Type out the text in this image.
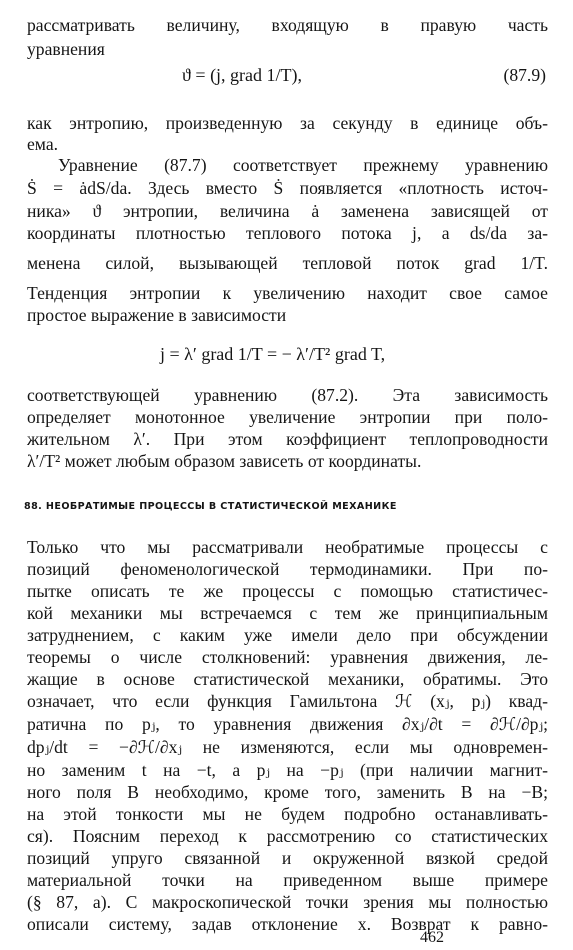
рассматривать величину, входящую в правую часть
уравнения
ϑ = (j, grad 1/T),	(87.9)
как энтропию, произведенную за секунду в единице объ-
ема.
Уравнение (87.7) соответствует прежнему уравнению
Ṡ = ȧdS/da. Здесь вместо Ṡ появляется «плотность источ-
ника» ϑ энтропии, величина ȧ заменена зависящей от
координаты плотностью теплового потока j, а ds/da за-
менена силой, вызывающей тепловой поток grad 1/T.
Тенденция энтропии к увеличению находит свое самое
простое выражение в зависимости
j = λ′ grad 1/T = − λ′/T² grad T,
соответствующей уравнению (87.2). Эта зависимость
определяет монотонное увеличение энтропии при поло-
жительном λ′. При этом коэффициент теплопроводности
λ′/T² может любым образом зависеть от координаты.
88. НЕОБРАТИМЫЕ ПРОЦЕССЫ В СТАТИСТИЧЕСКОЙ МЕХАНИКЕ
Только что мы рассматривали необратимые процессы с
позиций феноменологической термодинамики. При по-
пытке описать те же процессы с помощью статистичес-
кой механики мы встречаемся с тем же принципиальным
затруднением, с каким уже имели дело при обсуждении
теоремы о числе столкновений: уравнения движения, ле-
жащие в основе статистической механики, обратимы. Это
означает, что если функция Гамильтона ℋ (xⱼ, pⱼ) квад-
ратична по pⱼ, то уравнения движения ∂xⱼ/∂t = ∂ℋ/∂pⱼ;
dpⱼ/dt = −∂ℋ/∂xⱼ не изменяются, если мы одновремен-
но заменим t на −t, а pⱼ на −pⱼ (при наличии магнит-
ного поля B необходимо, кроме того, заменить B на −B;
на этой тонкости мы не будем подробно останавливать-
ся). Поясним переход к рассмотрению со статистических
позиций упруго связанной и окруженной вязкой средой
материальной точки на приведенном выше примере
(§ 87, а). С макроскопической точки зрения мы полностью
описали систему, задав отклонение x. Возврат к равно-
462
